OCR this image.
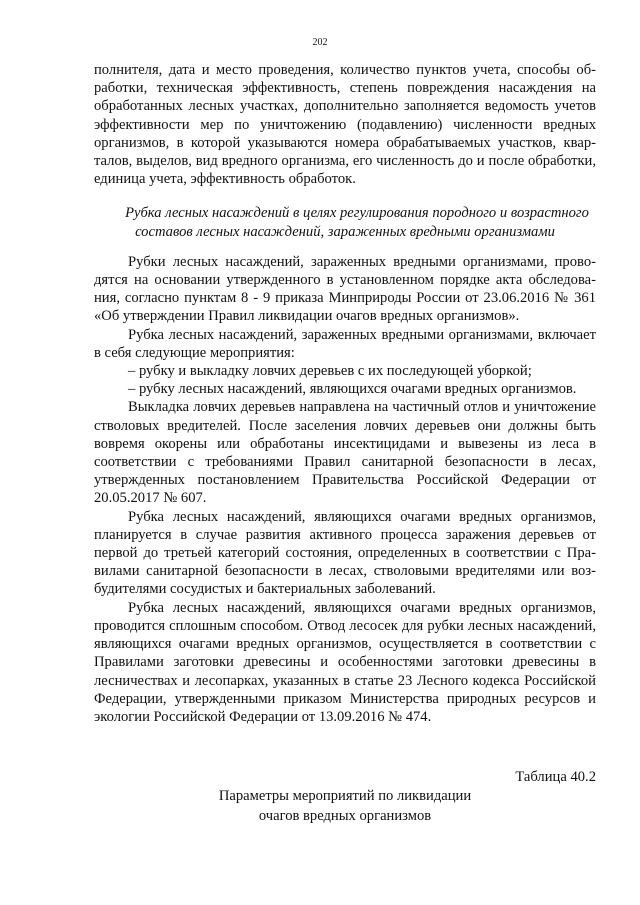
202

полнителя, дата и место проведения, количество пунктов учета, способы обработки, техническая эффективность, степень повреждения насаждения на обработанных лесных участках, дополнительно заполняется ведомость учетов эффективности мер по уничтожению (подавлению) численности вредных организмов, в которой указываются номера обрабатываемых участков, кварталов, выделов, вид вредного организма, его численность до и после обработки, единица учета, эффективность обработок.

Рубка лесных насаждений в целях регулирования породного и возрастного составов лесных насаждений, зараженных вредными организмами

Рубки лесных насаждений, зараженных вредными организмами, проводятся на основании утвержденного в установленном порядке акта обследования, согласно пунктам 8 - 9 приказа Минприроды России от 23.06.2016 № 361 «Об утверждении Правил ликвидации очагов вредных организмов».

Рубка лесных насаждений, зараженных вредными организмами, включает в себя следующие мероприятия:

– рубку и выкладку ловчих деревьев с их последующей уборкой;

– рубку лесных насаждений, являющихся очагами вредных организмов.

Выкладка ловчих деревьев направлена на частичный отлов и уничтожение стволовых вредителей. После заселения ловчих деревьев они должны быть вовремя окорены или обработаны инсектицидами и вывезены из леса в соответствии с требованиями Правил санитарной безопасности в лесах, утвержденных постановлением Правительства Российской Федерации от 20.05.2017 № 607.

Рубка лесных насаждений, являющихся очагами вредных организмов, планируется в случае развития активного процесса заражения деревьев от первой до третьей категорий состояния, определенных в соответствии с Правилами санитарной безопасности в лесах, стволовыми вредителями или возбудителями сосудистых и бактериальных заболеваний.

Рубка лесных насаждений, являющихся очагами вредных организмов, проводится сплошным способом. Отвод лесосек для рубки лесных насаждений, являющихся очагами вредных организмов, осуществляется в соответствии с Правилами заготовки древесины и особенностями заготовки древесины в лесничествах и лесопарках, указанных в статье 23 Лесного кодекса Российской Федерации, утвержденными приказом Министерства природных ресурсов и экологии Российской Федерации от 13.09.2016 № 474.

Таблица 40.2

Параметры мероприятий по ликвидации

очагов вредных организмов
